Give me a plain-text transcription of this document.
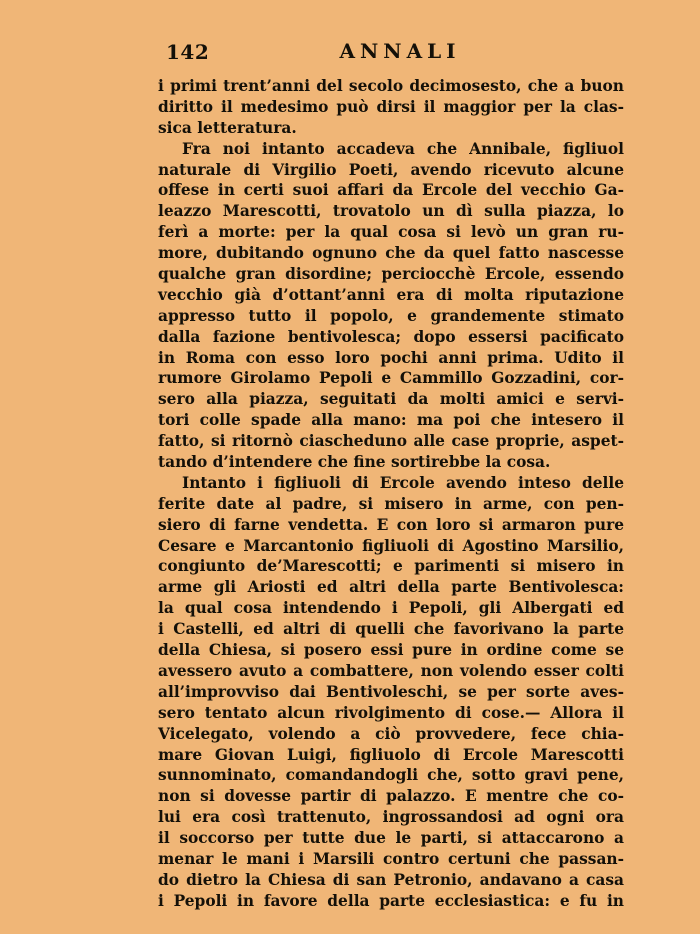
142	ANNALI
i primi trent’anni del secolo decimosesto, che a buon
diritto il medesimo può dirsi il maggior per la clas-
sica letteratura.
Fra noi intanto accadeva che Annibale, figliuol
naturale di Virgilio Poeti, avendo ricevuto alcune
offese in certi suoi affari da Ercole del vecchio Ga-
leazzo Marescotti, trovatolo un dì sulla piazza, lo
ferì a morte: per la qual cosa si levò un gran ru-
more, dubitando ognuno che da quel fatto nascesse
qualche gran disordine; perciocchè Ercole, essendo
vecchio già d’ottant’anni era di molta riputazione
appresso tutto il popolo, e grandemente stimato
dalla fazione bentivolesca; dopo essersi pacificato
in Roma con esso loro pochi anni prima. Udito il
rumore Girolamo Pepoli e Cammillo Gozzadini, cor-
sero alla piazza, seguitati da molti amici e servi-
tori colle spade alla mano: ma poi che intesero il
fatto, si ritornò ciascheduno alle case proprie, aspet-
tando d’intendere che fine sortirebbe la cosa.
Intanto i figliuoli di Ercole avendo inteso delle
ferite date al padre, si misero in arme, con pen-
siero di farne vendetta. E con loro si armaron pure
Cesare e Marcantonio figliuoli di Agostino Marsilio,
congiunto de’Marescotti; e parimenti si misero in
arme gli Ariosti ed altri della parte Bentivolesca:
la qual cosa intendendo i Pepoli, gli Albergati ed
i Castelli, ed altri di quelli che favorivano la parte
della Chiesa, si posero essi pure in ordine come se
avessero avuto a combattere, non volendo esser colti
all’improvviso dai Bentivoleschi, se per sorte aves-
sero tentato alcun rivolgimento di cose.— Allora il
Vicelegato, volendo a ciò provvedere, fece chia-
mare Giovan Luigi, figliuolo di Ercole Marescotti
sunnominato, comandandogli che, sotto gravi pene,
non si dovesse partir di palazzo. E mentre che co-
lui era così trattenuto, ingrossandosi ad ogni ora
il soccorso per tutte due le parti, si attaccarono a
menar le mani i Marsili contro certuni che passan-
do dietro la Chiesa di san Petronio, andavano a casa
i Pepoli in favore della parte ecclesiastica: e fu in
